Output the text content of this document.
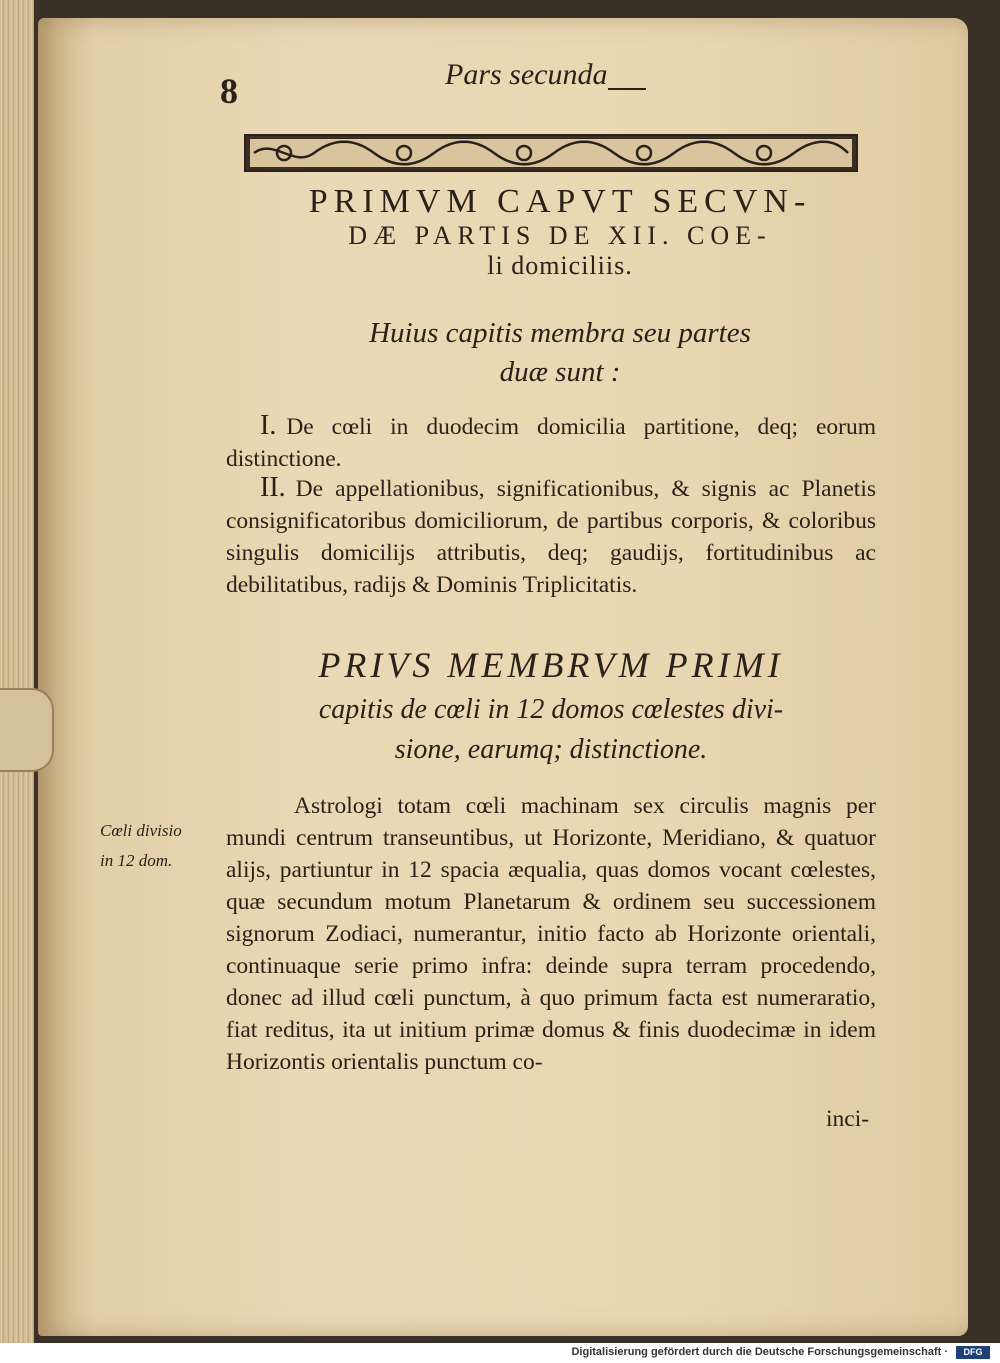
8	Pars secunda
PRIMVM CAPVT SECVN-
DÆ PARTIS DE XII. COE-
li domiciliis.
Huius capitis membra seu partes
duæ sunt :
I. De cœli in duodecim domicilia partitione, deq; eorum distinctione.
II. De appellationibus, significationibus, & signis ac Planetis consignificatoribus domiciliorum, de partibus corporis, & coloribus singulis domicilijs attributis, deq; gaudijs, fortitudinibus ac debilitatibus, radijs & Dominis Triplicitatis.
PRIVS MEMBRVM PRIMI
capitis de cœli in 12 domos cœlestes divi-
sione, earumq; distinctione.
Cœli divisio
in 12 dom.
Astrologi totam cœli machinam sex circulis magnis per mundi centrum transeuntibus, ut Horizonte, Meridiano, & quatuor alijs, partiuntur in 12 spacia æqualia, quas domos vocant cœlestes, quæ secundum motum Planetarum & ordinem seu successionem signorum Zodiaci, numerantur, initio facto ab Horizonte orientali, continuaque serie primo infra: deinde supra terram procedendo, donec ad illud cœli punctum, à quo primum facta est numeraratio, fiat reditus, ita ut initium primæ domus & finis duodecimæ in idem Horizontis orientalis punctum co-
inci-
Digitalisierung gefördert durch die Deutsche Forschungsgemeinschaft ·	DFG
